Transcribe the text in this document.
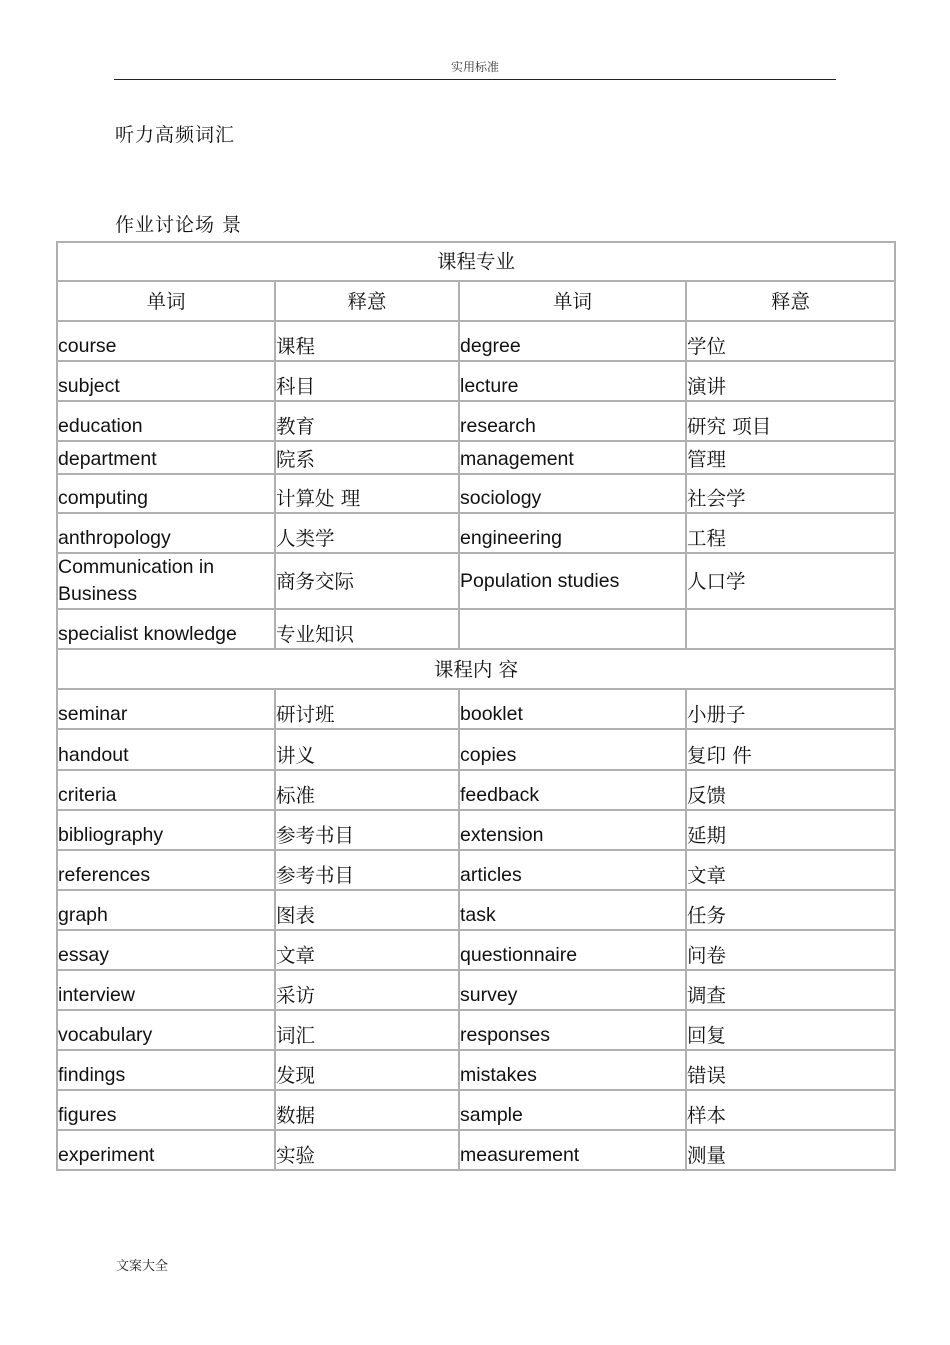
实用标准
听力高频词汇
作业讨论场 景
课程专业			
单词	释意	单词	释意
course	课程	degree	学位
subject	科目	lecture	演讲
education	教育	research	研究 项目
department	院系	management	管理
computing	计算处 理	sociology	社会学
anthropology	人类学	engineering	工程
Communication in Business	商务交际	Population studies	人口学
specialist knowledge	专业知识		
课程内 容			
seminar	研讨班	booklet	小册子
handout	讲义	copies	复印 件
criteria	标准	feedback	反馈
bibliography	参考书目	extension	延期
references	参考书目	articles	文章
graph	图表	task	任务
essay	文章	questionnaire	问卷
interview	采访	survey	调查
vocabulary	词汇	responses	回复
findings	发现	mistakes	错误
figures	数据	sample	样本
experiment	实验	measurement	测量
文案大全
